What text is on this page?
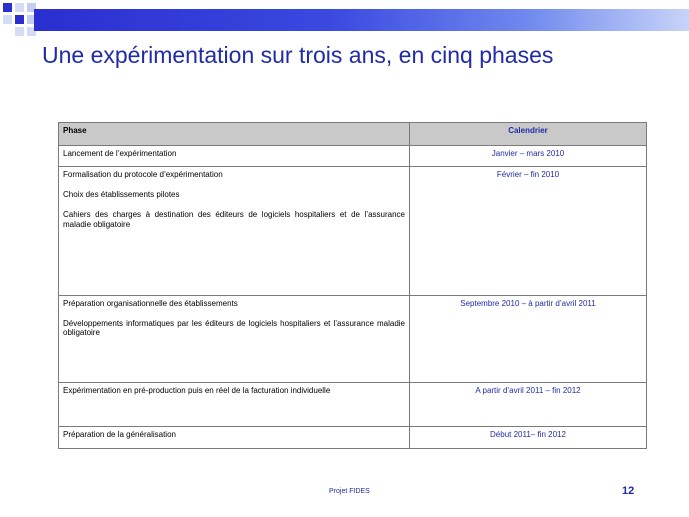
Une expérimentation sur trois ans, en cinq phases
Phase	Calendrier

Lancement de l’expérimentation	Janvier – mars 2010

Formalisation du protocole d’expérimentation

Choix des établissements pilotes

Cahiers des charges à destination des éditeurs de logiciels hospitaliers et de l’assurance maladie obligatoire	Février – fin 2010

Préparation organisationnelle des établissements

Développements informatiques par les éditeurs de logiciels hospitaliers et l’assurance maladie obligatoire	Septembre 2010 – à partir d’avril 2011

Expérimentation en pré-production puis en réel de la facturation individuelle	A partir d’avril 2011 – fin 2012

Préparation de la généralisation	Début 2011– fin 2012
Projet FIDES	12
